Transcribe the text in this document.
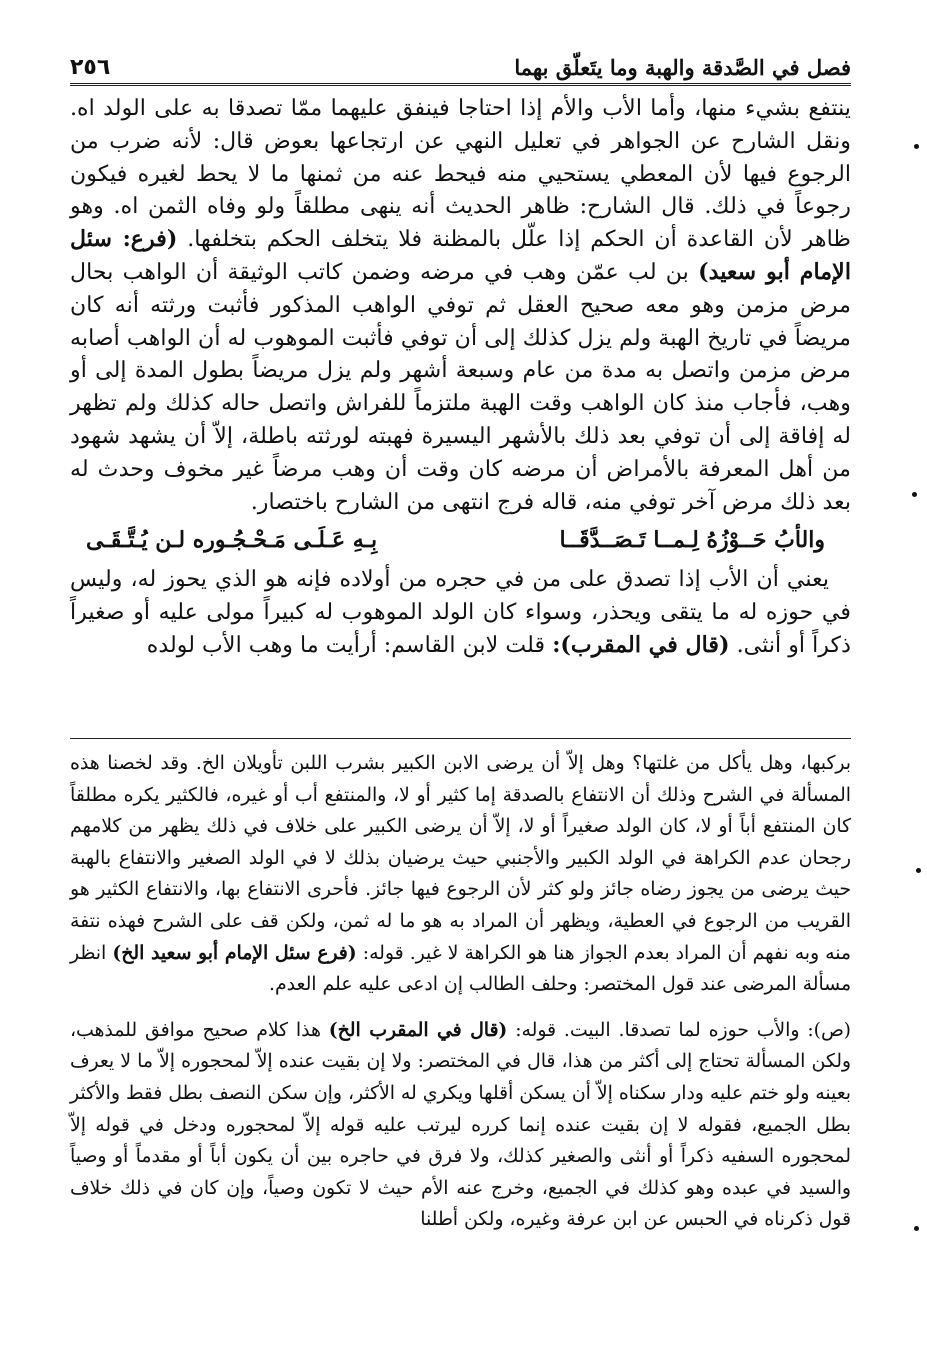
فصل في الصَّدقة والهبة وما يتَعلّق بهما
٢٥٦

ينتفع بشيء منها، وأما الأب والأم إذا احتاجا فينفق عليهما ممّا تصدقا به على الولد اه. ونقل الشارح عن الجواهر في تعليل النهي عن ارتجاعها بعوض قال: لأنه ضرب من الرجوع فيها لأن المعطي يستحيي منه فيحط عنه من ثمنها ما لا يحط لغيره فيكون رجوعاً في ذلك. قال الشارح: ظاهر الحديث أنه ينهى مطلقاً ولو وفاه الثمن اه. وهو ظاهر لأن القاعدة أن الحكم إذا علّل بالمظنة فلا يتخلف الحكم بتخلفها. (فرع: سئل الإمام أبو سعيد) بن لب عمّن وهب في مرضه وضمن كاتب الوثيقة أن الواهب بحال مرض مزمن وهو معه صحيح العقل ثم توفي الواهب المذكور فأثبت ورثته أنه كان مريضاً في تاريخ الهبة ولم يزل كذلك إلى أن توفي فأثبت الموهوب له أن الواهب أصابه مرض مزمن واتصل به مدة من عام وسبعة أشهر ولم يزل مريضاً بطول المدة إلى أو وهب، فأجاب منذ كان الواهب وقت الهبة ملتزماً للفراش واتصل حاله كذلك ولم تظهر له إفاقة إلى أن توفي بعد ذلك بالأشهر اليسيرة فهبته لورثته باطلة، إلاّ أن يشهد شهود من أهل المعرفة بالأمراض أن مرضه كان وقت أن وهب مرضاً غير مخوف وحدث له بعد ذلك مرض آخر توفي منه، قاله فرج انتهى من الشارح باختصار.

والأبُ حَــوْزُهُ لِـمــا تَـصَــدَّقَــا
بِـهِ عَـلَـى مَـحْـجُـوره لـن يُـتَّـقَـى

يعني أن الأب إذا تصدق على من في حجره من أولاده فإنه هو الذي يحوز له، وليس في حوزه له ما يتقى ويحذر، وسواء كان الولد الموهوب له كبيراً مولى عليه أو صغيراً ذكراً أو أنثى. (قال في المقرب): قلت لابن القاسم: أرأيت ما وهب الأب لولده

بركبها، وهل يأكل من غلتها؟ وهل إلاّ أن يرضى الابن الكبير بشرب اللبن تأويلان الخ. وقد لخصنا هذه المسألة في الشرح وذلك أن الانتفاع بالصدقة إما كثير أو لا، والمنتفع أب أو غيره، فالكثير يكره مطلقاً كان المنتفع أباً أو لا، كان الولد صغيراً أو لا، إلاّ أن يرضى الكبير على خلاف في ذلك يظهر من كلامهم رجحان عدم الكراهة في الولد الكبير والأجنبي حيث يرضيان بذلك لا في الولد الصغير والانتفاع بالهبة حيث يرضى من يجوز رضاه جائز ولو كثر لأن الرجوع فيها جائز. فأحرى الانتفاع بها، والانتفاع الكثير هو القريب من الرجوع في العطية، ويظهر أن المراد به هو ما له ثمن، ولكن قف على الشرح فهذه نتفة منه وبه نفهم أن المراد بعدم الجواز هنا هو الكراهة لا غير. قوله: (فرع سئل الإمام أبو سعيد الخ) انظر مسألة المرضى عند قول المختصر: وحلف الطالب إن ادعى عليه علم العدم.

(ص): والأب حوزه لما تصدقا. البيت. قوله: (قال في المقرب الخ) هذا كلام صحيح موافق للمذهب، ولكن المسألة تحتاج إلى أكثر من هذا، قال في المختصر: ولا إن بقيت عنده إلاّ لمحجوره إلاّ ما لا يعرف بعينه ولو ختم عليه ودار سكناه إلاّ أن يسكن أقلها ويكري له الأكثر، وإن سكن النصف بطل فقط والأكثر بطل الجميع، فقوله لا إن بقيت عنده إنما كرره ليرتب عليه قوله إلاّ لمحجوره ودخل في قوله إلاّ لمحجوره السفيه ذكراً أو أنثى والصغير كذلك، ولا فرق في حاجره بين أن يكون أباً أو مقدماً أو وصياً والسيد في عبده وهو كذلك في الجميع، وخرج عنه الأم حيث لا تكون وصياً، وإن كان في ذلك خلاف قول ذكرناه في الحبس عن ابن عرفة وغيره، ولكن أطلنا
